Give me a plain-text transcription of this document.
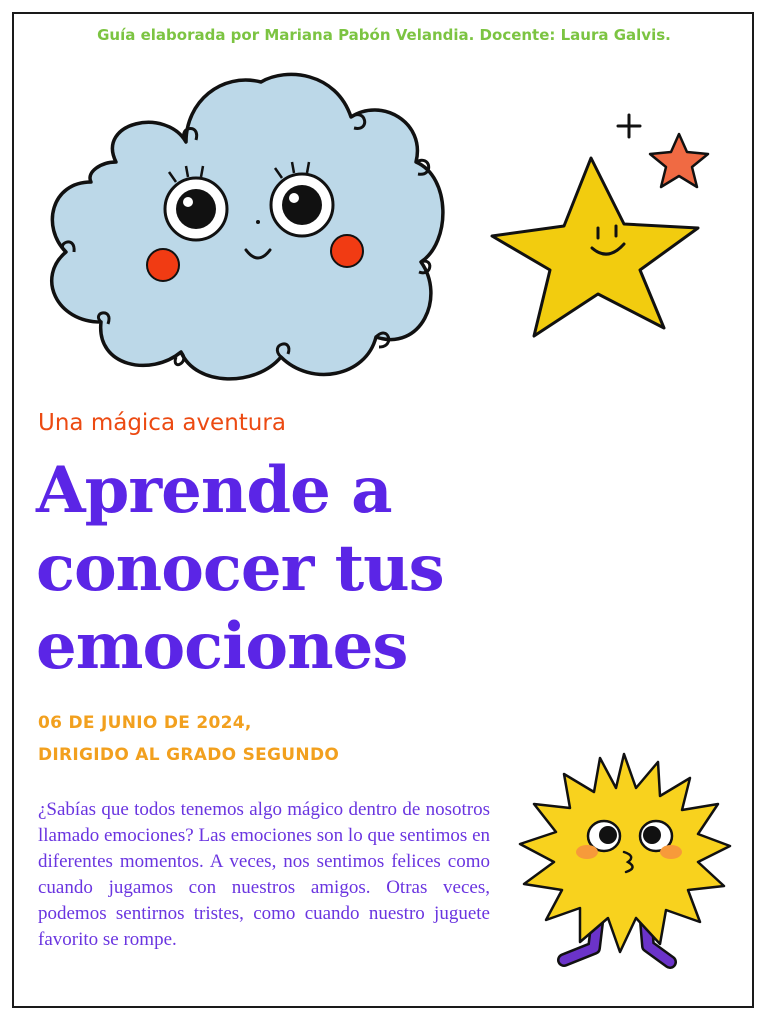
Guía elaborada por Mariana Pabón Velandia. Docente: Laura Galvis.
Una mágica aventura
Aprende a
conocer tus
emociones
06 DE JUNIO DE 2024,
DIRIGIDO AL GRADO SEGUNDO
¿Sabías que todos tenemos algo mágico dentro de nosotros llamado emociones? Las emociones son lo que sentimos en diferentes momentos. A veces, nos sentimos felices como cuando jugamos con nuestros amigos. Otras veces, podemos sentirnos tristes, como cuando nuestro juguete favorito se rompe.
